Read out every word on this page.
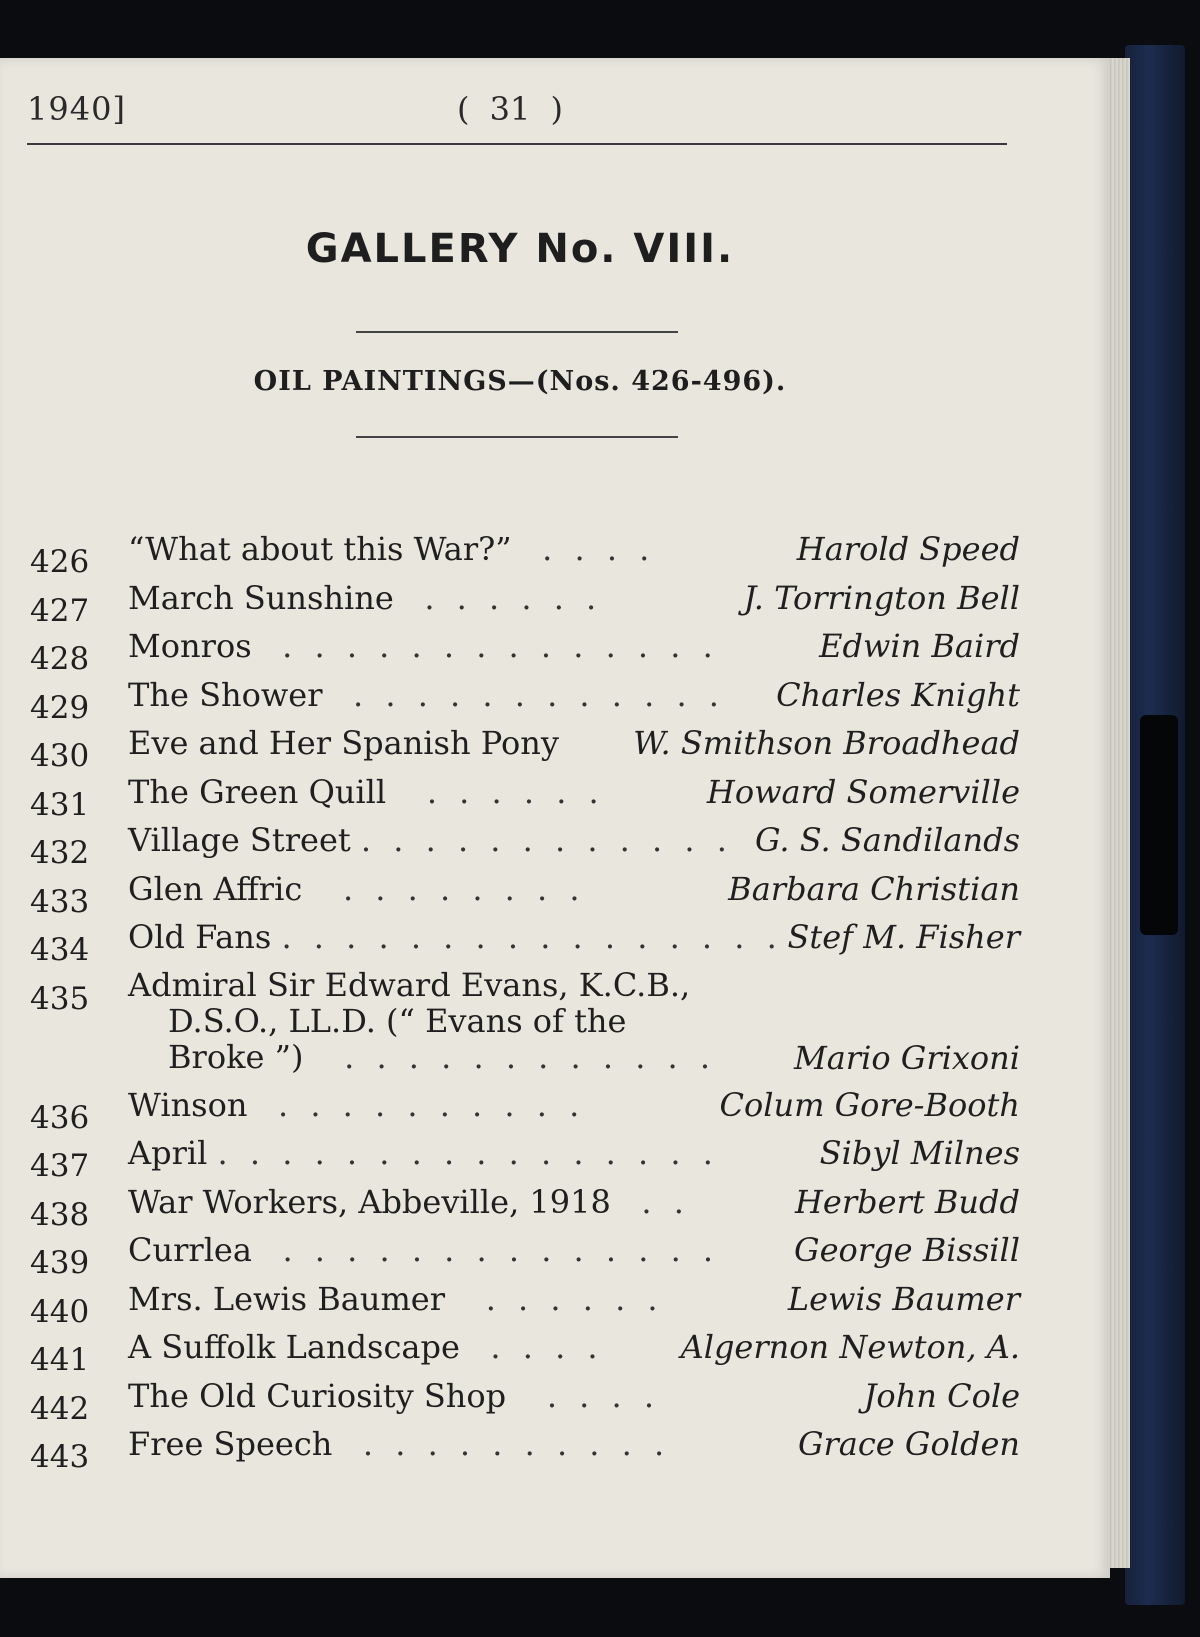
1940]	( 31 )
GALLERY No. VIII.
OIL PAINTINGS—(Nos. 426-496).
426	“What about this War?” . . . .	Harold Speed
427	March Sunshine . . . . . .	J. Torrington Bell
428	Monros . . . . . . . . . . . . . .	Edwin Baird
429	The Shower . . . . . . . . . . . . Charles Knight
430	Eve and Her Spanish Pony W. Smithson Broadhead
431	The Green Quill . . . . . .	Howard Somerville
432	Village Street . . . . . . . . . . . . G. S. Sandilands
433	Glen Affric . . . . . . . .	Barbara Christian
434	Old Fans . . . . . . . . . . . . . . . . Stef M. Fisher
435	Admiral Sir Edward Evans, K.C.B.,
D.S.O., LL.D. (“ Evans of the
Broke ”) . . . . . . . . . . . . Mario Grixoni
436	Winson . . . . . . . . . .	Colum Gore-Booth
437	April . . . . . . . . . . . . . . . .	Sibyl Milnes
438	War Workers, Abbeville, 1918 . .	Herbert Budd
439	Currlea . . . . . . . . . . . . . . George Bissill
440	Mrs. Lewis Baumer . . . . . .	Lewis Baumer
441	A Suffolk Landscape . . . . Algernon Newton, A.
442	The Old Curiosity Shop . . . .	John Cole
443	Free Speech . . . . . . . . . .	Grace Golden
